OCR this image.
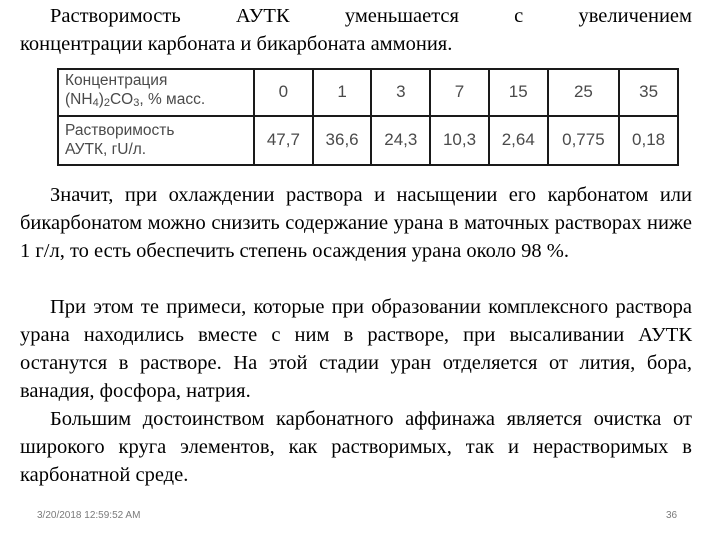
Растворимость АУТК уменьшается с увеличением
концентрации карбоната и бикарбоната аммония.
Концентрация
$(NH_4)_2CO_3$, % масс.	0	1	3	7	15	25	35
Растворимость
АУТК, гU/л.	47,7	36,6	24,3	10,3	2,64	0,775	0,18

Значит, при охлаждении раствора и насыщении его карбонатом или бикарбонатом можно снизить содержание урана в маточных растворах ниже 1 г/л, то есть обеспечить степень осаждения урана около 98 %.

При этом те примеси, которые при образовании комплексного раствора урана находились вместе с ним в растворе, при высаливании АУТК останутся в растворе. На этой стадии уран отделяется от лития, бора, ванадия, фосфора, натрия.

Большим достоинством карбонатного аффинажа является очистка от широкого круга элементов, как растворимых, так и нерастворимых в карбонатной среде.

3/20/2018 12:59:52 AM	36
